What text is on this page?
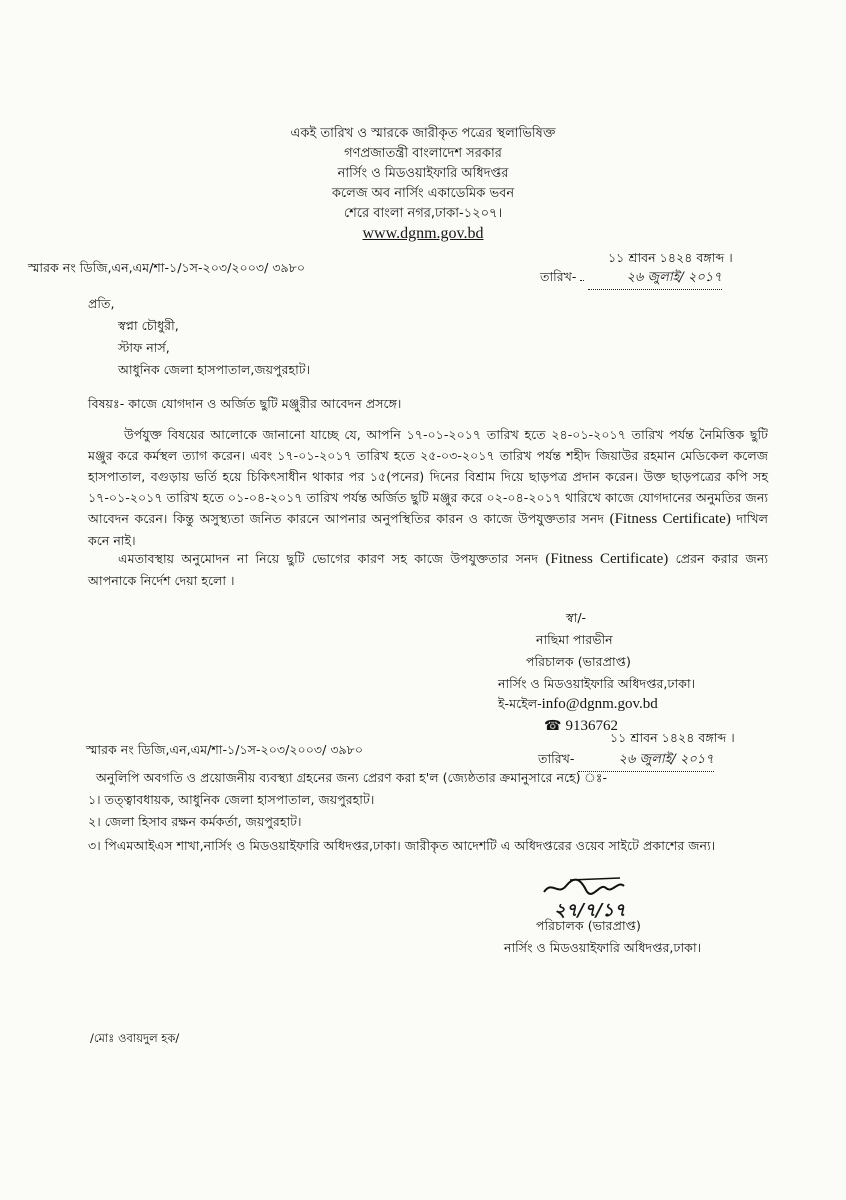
একই তারিখ ও স্মারকে জারীকৃত পত্রের স্থলাভিষিক্ত
গণপ্রজাতন্ত্রী বাংলাদেশ সরকার
নার্সিং ও মিডওয়াইফারি অধিদপ্তর
কলেজ অব নার্সিং একাডেমিক ভবন
শেরে বাংলা নগর,ঢাকা-১২০৭।
www.dgnm.gov.bd
স্মারক নং ডিজি,এন,এম/শা-১/১স-২০৩/২০০৩/ ৩৯৮০
১১ শ্রাবন ১৪২৪ বঙ্গাব্দ ।
তারিখ-	২৬ জুলাই/ ২০১৭
প্রতি,
স্বপ্না চৌধুরী,
স্টাফ নার্স,
আধুনিক জেলা হাসপাতাল,জয়পুরহাট।
বিষয়ঃ- কাজে যোগদান ও অর্জিত ছুটি মঞ্জুরীর আবেদন প্রসঙ্গে।
উর্পযুক্ত বিষয়ের আলোকে জানানো যাচ্ছে যে, আপনি ১৭-০১-২০১৭ তারিখ হতে ২৪-০১-২০১৭ তারিখ পর্যন্ত নৈমিত্তিক ছুটি মঞ্জুর করে কর্মস্থল ত্যাগ করেন। এবং ১৭-০১-২০১৭ তারিখ হতে ২৫-০৩-২০১৭ তারিখ পর্যন্ত শহীদ জিয়াউর রহমান মেডিকেল কলেজ হাসপাতাল, বগুড়ায় ভর্তি হয়ে চিকিৎসাধীন থাকার পর ১৫(পনের) দিনের বিশ্রাম দিয়ে ছাড়পত্র প্রদান করেন। উক্ত ছাড়পত্রের কপি সহ ১৭-০১-২০১৭ তারিখ হতে ০১-০৪-২০১৭ তারিখ পর্যন্ত অর্জিত ছুটি মঞ্জুর করে ০২-০৪-২০১৭ থারিখে কাজে যোগদানের অনুমতির জন্য আবেদন করেন। কিন্তু অসুস্থ্যতা জনিত কারনে আপনার অনুপস্থিতির কারন ও কাজে উপযুক্ততার সনদ (Fitness Certificate) দাখিল কনে নাই।
এমতাবস্থায় অনুমোদন না নিয়ে ছুটি ভোগের কারণ সহ কাজে উপযুক্ততার সনদ (Fitness Certificate) প্রেরন করার জন্য আপনাকে নির্দেশ দেয়া হলো ।
স্বা/-
নাছিমা পারভীন
পরিচালক (ভারপ্রাপ্ত)
নার্সিং ও মিডওয়াইফারি অধিদপ্তর,ঢাকা।
ই-মইেল-info@dgnm.gov.bd
☎ 9136762
১১ শ্রাবন ১৪২৪ বঙ্গাব্দ ।
স্মারক নং ডিজি,এন,এম/শা-১/১স-২০৩/২০০৩/ ৩৯৮০
তারিখ-	২৬ জুলাই/ ২০১৭
অনুলিপি অবগতি ও প্রয়োজনীয় ব্যবস্থ্যা গ্রহনের জন্য প্রেরণ করা হ'ল (জ্যেষ্ঠতার ক্রমানুসারে নহে) ঃ-
১। তত্ত্বাবধায়ক, আধুনিক জেলা হাসপাতাল, জয়পুরহাট।
২। জেলা হিসাব রক্ষন কর্মকর্তা, জয়পুরহাট।
৩। পিএমআইএস শাখা,নার্সিং ও মিডওয়াইফারি অধিদপ্তর,ঢাকা। জারীকৃত আদেশটি এ অধিদপ্তরের ওয়েব সাইটে প্রকাশের জন্য।
২৭/৭/১৭
পরিচালক (ভারপ্রাপ্ত)
নার্সিং ও মিডওয়াইফারি অধিদপ্তর,ঢাকা।
/মোঃ ওবায়দুল হক/
